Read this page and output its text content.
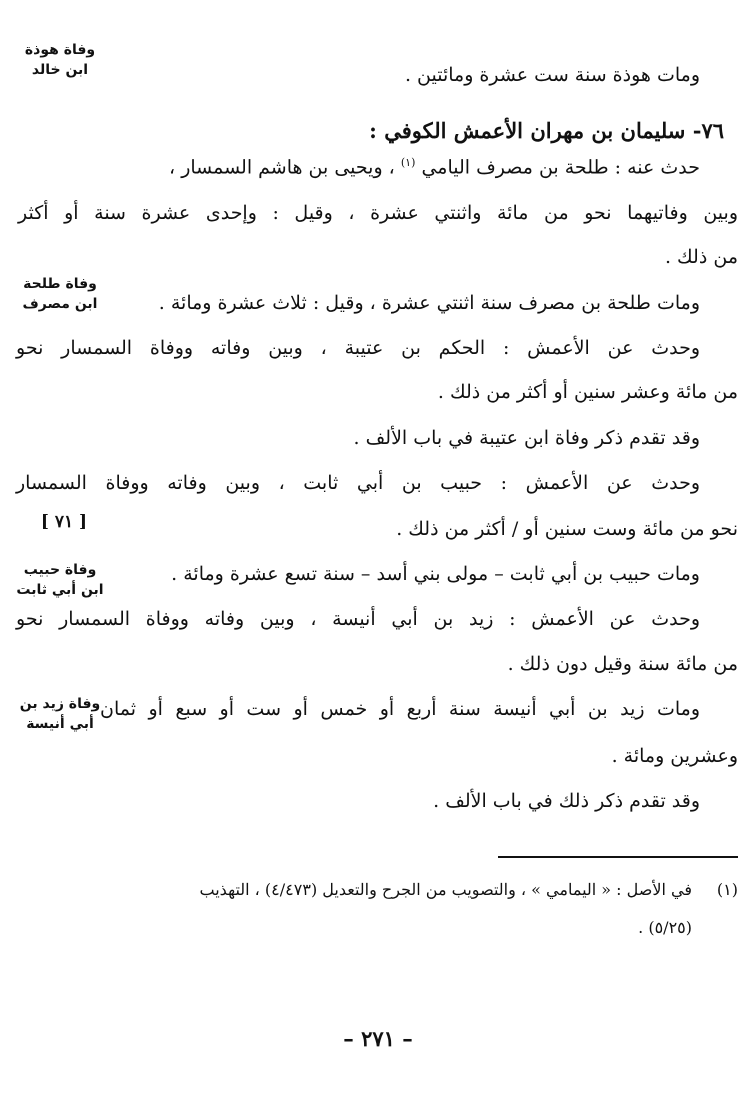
وفاة هوذة
ابن خالد
وفاة طلحة
ابن مصرف
[ ٧١ ]
وفاة حبيب
ابن أبي ثابت
وفاة زيد بن
أبي أنيسة
ومات هوذة سنة ست عشرة ومائتين .
٧٦- سليمان بن مهران الأعمش الكوفي :
حدث عنه : طلحة بن مصرف اليامي $^{(١)}$ ، ويحيى بن هاشم السمسار ،
وبين وفاتيهما نحو من مائة واثنتي عشرة ، وقيل : وإحدى عشرة سنة أو أكثر
من ذلك .
ومات طلحة بن مصرف سنة اثنتي عشرة ، وقيل : ثلاث عشرة ومائة .
وحدث عن الأعمش : الحكم بن عتيبة ، وبين وفاته ووفاة السمسار نحو
من مائة وعشر سنين أو أكثر من ذلك .
وقد تقدم ذكر وفاة ابن عتيبة في باب الألف .
وحدث عن الأعمش : حبيب بن أبي ثابت ، وبين وفاته ووفاة السمسار
نحو من مائة وست سنين أو / أكثر من ذلك .
ومات حبيب بن أبي ثابت – مولى بني أسد – سنة تسع عشرة ومائة .
وحدث عن الأعمش : زيد بن أبي أنيسة ، وبين وفاته ووفاة السمسار نحو
من مائة سنة وقيل دون ذلك .
ومات زيد بن أبي أنيسة سنة أربع أو خمس أو ست أو سبع أو ثمان
وعشرين ومائة .
وقد تقدم ذكر ذلك في باب الألف .
(١)في الأصل : « اليمامي » ، والتصويب من الجرح والتعديل (٤/٤٧٣) ، التهذيب
(٥/٢٥) .
– ٢٧١ –
